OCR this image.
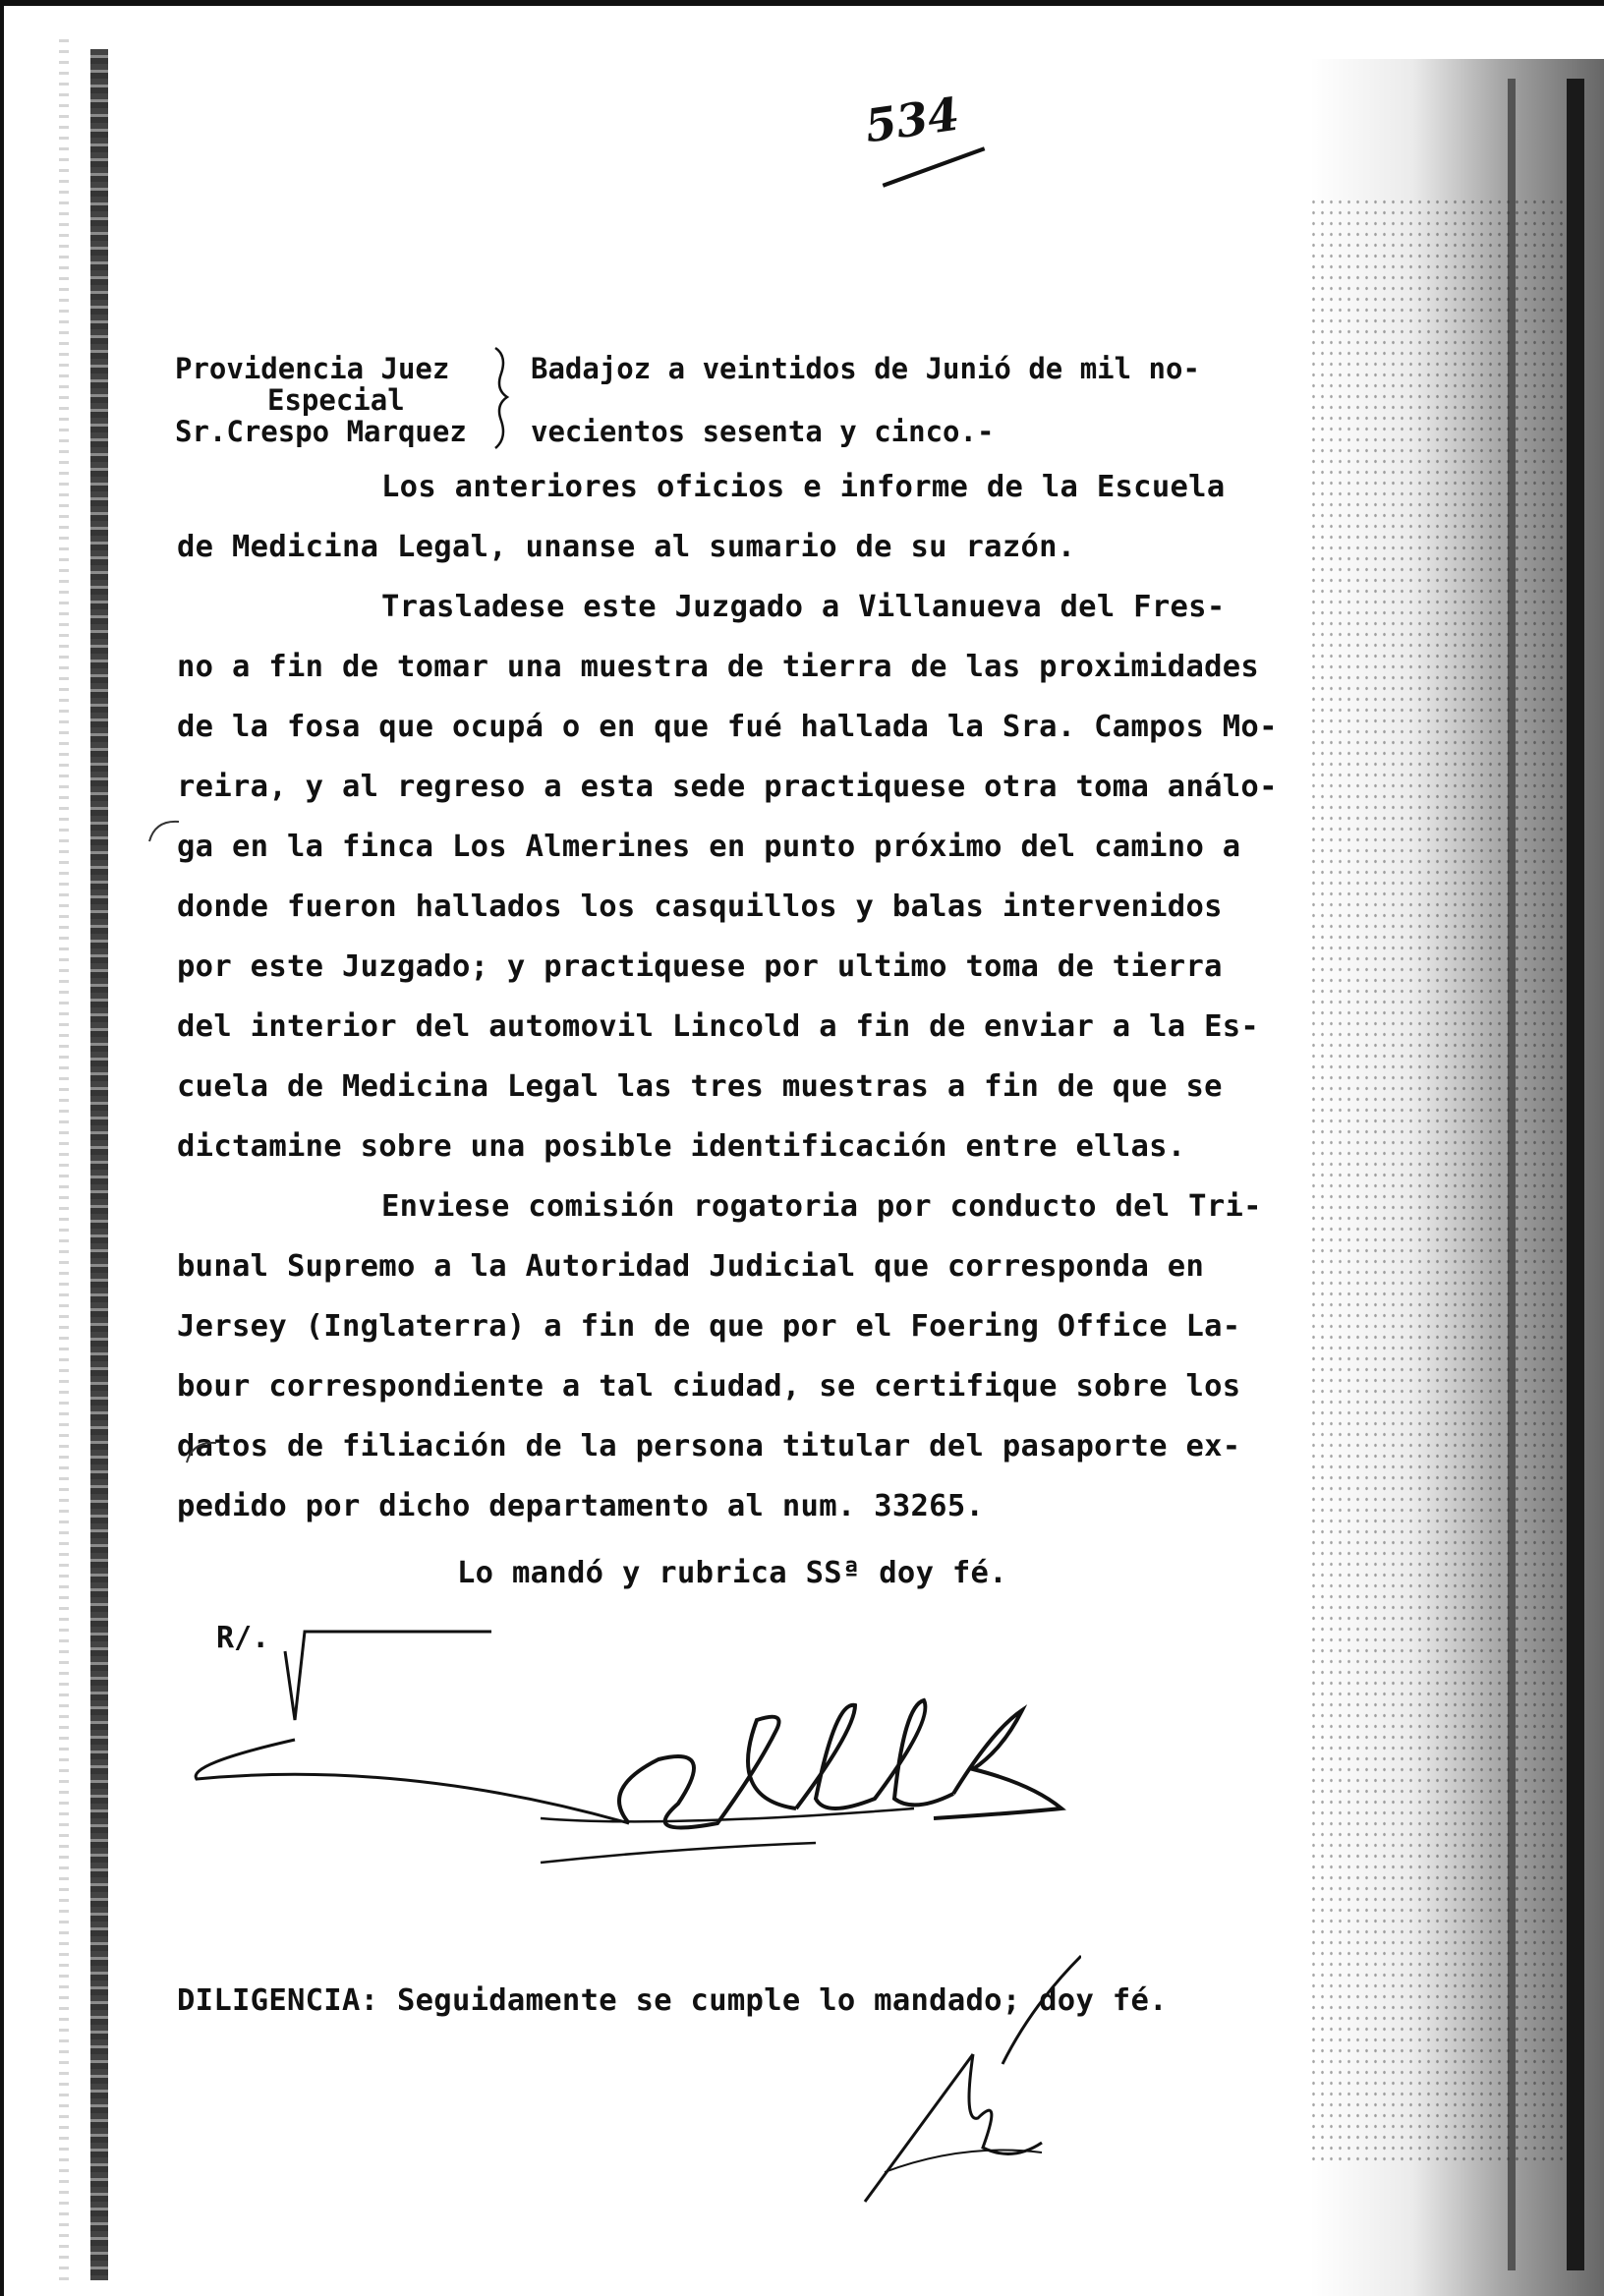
534
Providencia Juez
Especial
Sr.Crespo Marquez
Badajoz a veintidos de Junió de mil no-
vecientos sesenta y cinco.-
Los anteriores oficios e informe de la Escuela
de Medicina Legal, unanse al sumario de su razón.
Trasladese este Juzgado a Villanueva del Fres-
no a fin de tomar una muestra de tierra de las proximidades
de la fosa que ocupá o en que fué hallada la Sra. Campos Mo-
reira, y al regreso a esta sede practiquese otra toma análo-
ga en la finca Los Almerines en punto próximo del camino a
donde fueron hallados los casquillos y balas intervenidos
por este Juzgado; y practiquese por ultimo toma de tierra
del interior del automovil Lincold a fin de enviar a la Es-
cuela de Medicina Legal las tres muestras a fin de que se
dictamine sobre una posible identificación entre ellas.
Enviese comisión rogatoria por conducto del Tri-
bunal Supremo a la Autoridad Judicial que corresponda en
Jersey (Inglaterra) a fin de que por el Foering Office La-
bour correspondiente a tal ciudad, se certifique sobre los
datos de filiación de la persona titular del pasaporte ex-
pedido por dicho departamento al num. 33265.
Lo mandó y rubrica SSª doy fé.
R/.
DILIGENCIA: Seguidamente se cumple lo mandado; doy fé.
